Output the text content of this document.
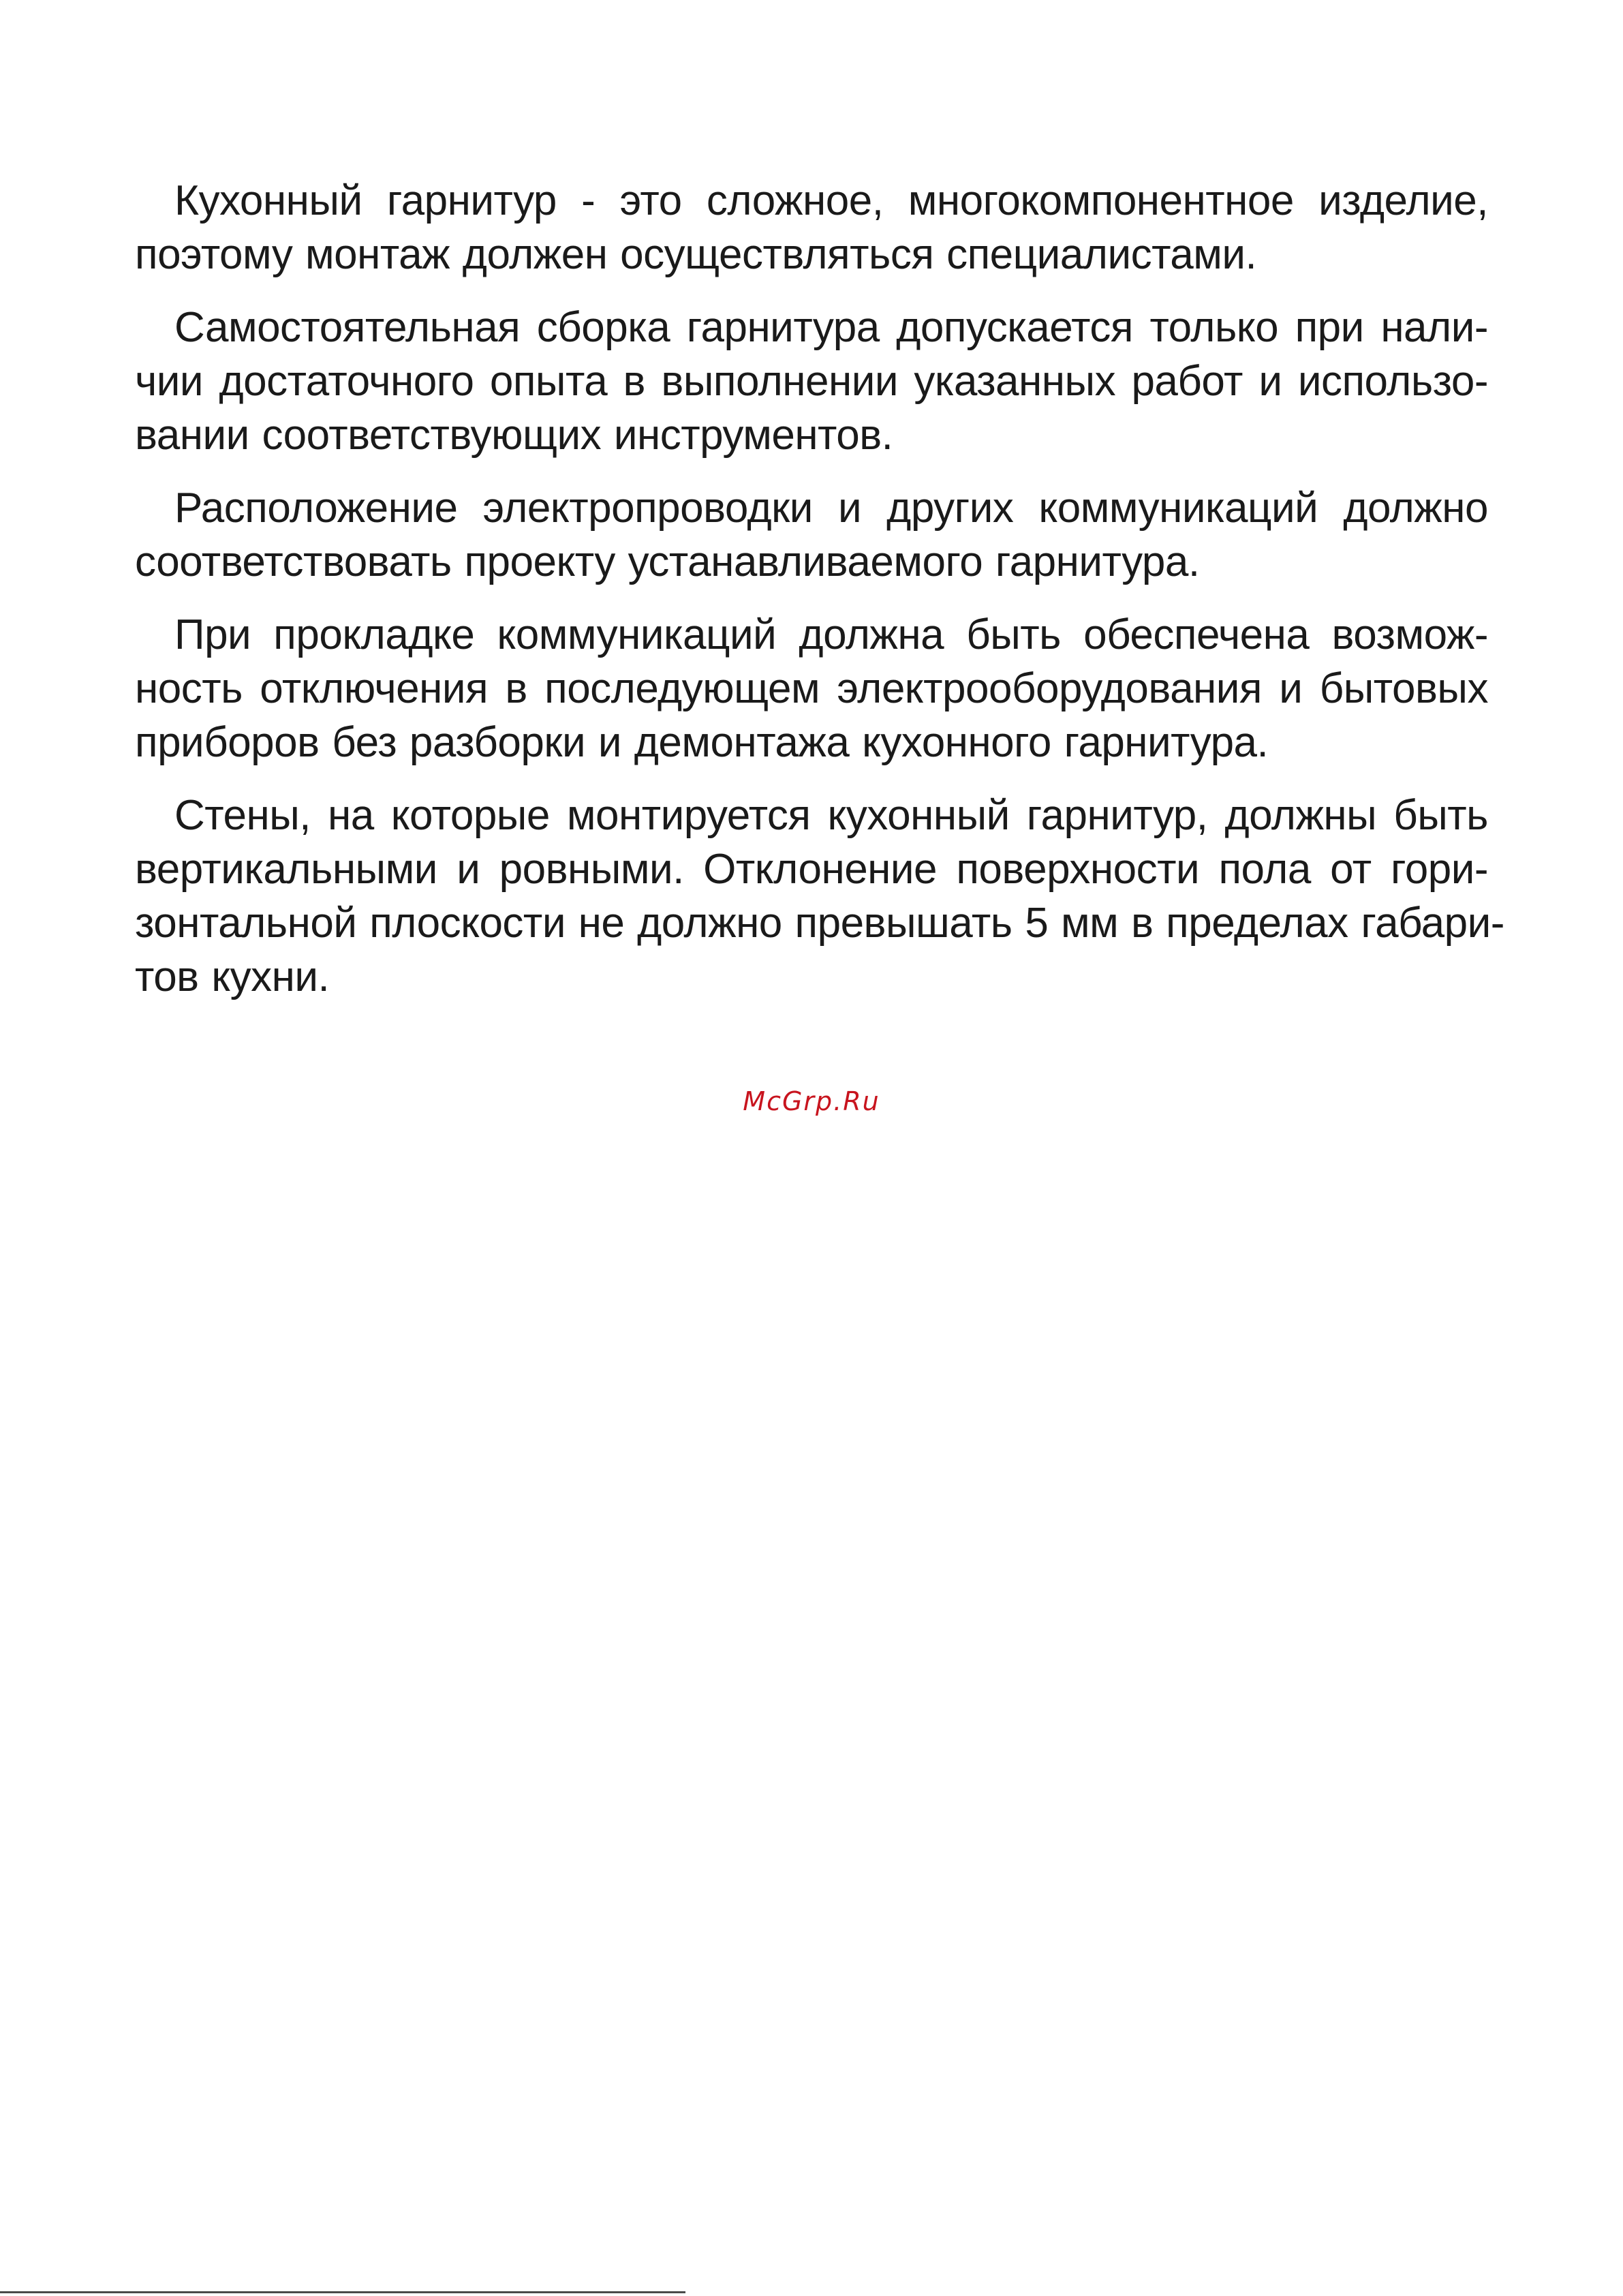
Кухонный гарнитур - это сложное, многокомпонентное изделие,
поэтому монтаж должен осуществляться специалистами.

Самостоятельная сборка гарнитура допускается только при нали-
чии достаточного опыта в выполнении указанных работ и использо-
вании соответствующих инструментов.

Расположение электропроводки и других коммуникаций должно
соответствовать проекту устанавливаемого гарнитура.

При прокладке коммуникаций должна быть обеспечена возмож-
ность отключения в последующем электрооборудования и бытовых
приборов без разборки и демонтажа кухонного гарнитура.

Стены, на которые монтируется кухонный гарнитур, должны быть
вертикальными и ровными. Отклонение поверхности пола от гори-
зонтальной плоскости не должно превышать 5 мм в пределах габари-
тов кухни.

McGrp.Ru
